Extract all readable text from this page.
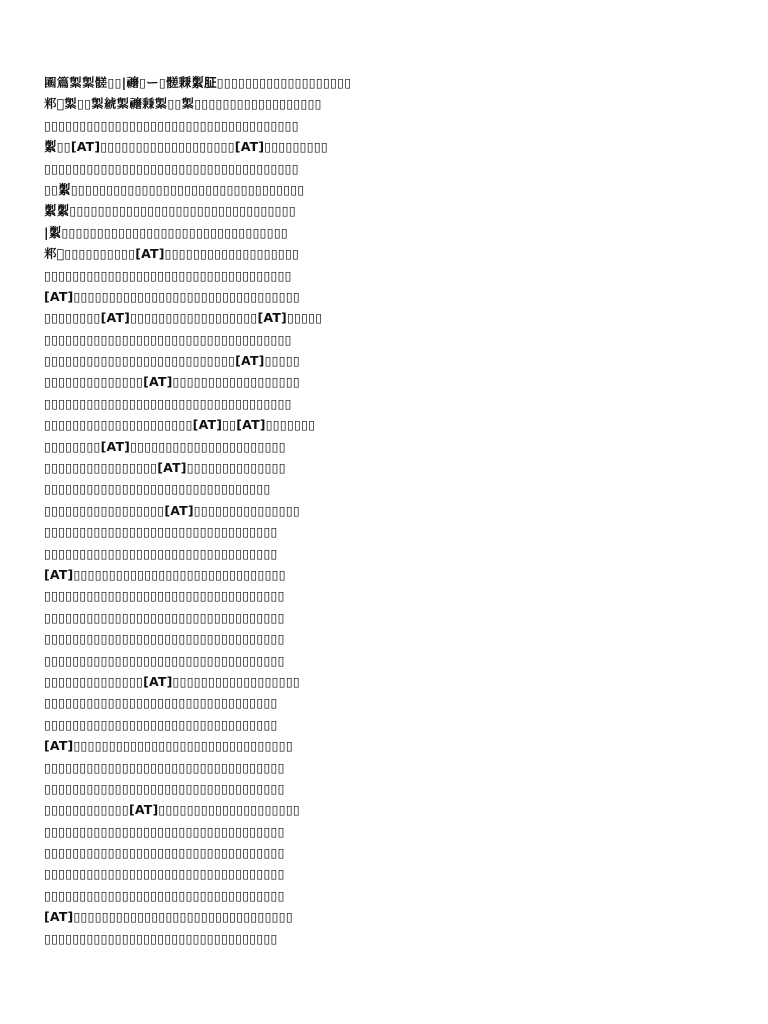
𡇸篇𦂗𦂗髊▯▯|𥜢▯ー▯髊𥡝𦂗𦙫▯▯▯▯▯▯▯▯▯▯▯▯▯▯▯▯▯▯▯
𥸬𥄣𦂗▯▯𦂗𦁲𦂗𥜢𥡝𦂗▯▯𦂗▯▯▯▯▯▯▯▯▯▯▯▯▯▯▯▯▯▯
▯▯▯▯▯▯▯▯▯▯▯▯▯▯▯▯▯▯▯▯▯▯▯▯▯▯▯▯▯▯▯▯▯▯▯▯
𦂗▯▯[AT]▯▯▯▯▯▯▯▯▯▯▯▯▯▯▯▯▯▯▯[AT]▯▯▯▯▯▯▯▯▯
▯▯▯▯▯▯▯▯▯▯▯▯▯▯▯▯▯▯▯▯▯▯▯▯▯▯▯▯▯▯▯▯▯▯▯▯
▯▯𦂗▯▯▯▯▯▯▯▯▯▯▯▯▯▯▯▯▯▯▯▯▯▯▯▯▯▯▯▯▯▯▯▯▯
𦂗𦂗▯▯▯▯▯▯▯▯▯▯▯▯▯▯▯▯▯▯▯▯▯▯▯▯▯▯▯▯▯▯▯▯
|𦂗▯▯▯▯▯▯▯▯▯▯▯▯▯▯▯▯▯▯▯▯▯▯▯▯▯▯▯▯▯▯▯▯
𥸬𥄣▯▯▯▯▯▯▯▯▯▯[AT]▯▯▯▯▯▯▯▯▯▯▯▯▯▯▯▯▯▯▯
▯▯▯▯▯▯▯▯▯▯▯▯▯▯▯▯▯▯▯▯▯▯▯▯▯▯▯▯▯▯▯▯▯▯▯
[AT]▯▯▯▯▯▯▯▯▯▯▯▯▯▯▯▯▯▯▯▯▯▯▯▯▯▯▯▯▯▯▯▯
▯▯▯▯▯▯▯▯[AT]▯▯▯▯▯▯▯▯▯▯▯▯▯▯▯▯▯▯[AT]▯▯▯▯▯
▯▯▯▯▯▯▯▯▯▯▯▯▯▯▯▯▯▯▯▯▯▯▯▯▯▯▯▯▯▯▯▯▯▯▯
▯▯▯▯▯▯▯▯▯▯▯▯▯▯▯▯▯▯▯▯▯▯▯▯▯▯▯[AT]▯▯▯▯▯
▯▯▯▯▯▯▯▯▯▯▯▯▯▯[AT]▯▯▯▯▯▯▯▯▯▯▯▯▯▯▯▯▯▯
▯▯▯▯▯▯▯▯▯▯▯▯▯▯▯▯▯▯▯▯▯▯▯▯▯▯▯▯▯▯▯▯▯▯▯
▯▯▯▯▯▯▯▯▯▯▯▯▯▯▯▯▯▯▯▯▯[AT]▯▯[AT]▯▯▯▯▯▯▯
▯▯▯▯▯▯▯▯[AT]▯▯▯▯▯▯▯▯▯▯▯▯▯▯▯▯▯▯▯▯▯▯
▯▯▯▯▯▯▯▯▯▯▯▯▯▯▯▯[AT]▯▯▯▯▯▯▯▯▯▯▯▯▯▯
▯▯▯▯▯▯▯▯▯▯▯▯▯▯▯▯▯▯▯▯▯▯▯▯▯▯▯▯▯▯▯▯
▯▯▯▯▯▯▯▯▯▯▯▯▯▯▯▯▯[AT]▯▯▯▯▯▯▯▯▯▯▯▯▯▯▯
▯▯▯▯▯▯▯▯▯▯▯▯▯▯▯▯▯▯▯▯▯▯▯▯▯▯▯▯▯▯▯▯▯
▯▯▯▯▯▯▯▯▯▯▯▯▯▯▯▯▯▯▯▯▯▯▯▯▯▯▯▯▯▯▯▯▯
[AT]▯▯▯▯▯▯▯▯▯▯▯▯▯▯▯▯▯▯▯▯▯▯▯▯▯▯▯▯▯▯
▯▯▯▯▯▯▯▯▯▯▯▯▯▯▯▯▯▯▯▯▯▯▯▯▯▯▯▯▯▯▯▯▯▯
▯▯▯▯▯▯▯▯▯▯▯▯▯▯▯▯▯▯▯▯▯▯▯▯▯▯▯▯▯▯▯▯▯▯
▯▯▯▯▯▯▯▯▯▯▯▯▯▯▯▯▯▯▯▯▯▯▯▯▯▯▯▯▯▯▯▯▯▯
▯▯▯▯▯▯▯▯▯▯▯▯▯▯▯▯▯▯▯▯▯▯▯▯▯▯▯▯▯▯▯▯▯▯
▯▯▯▯▯▯▯▯▯▯▯▯▯▯[AT]▯▯▯▯▯▯▯▯▯▯▯▯▯▯▯▯▯▯
▯▯▯▯▯▯▯▯▯▯▯▯▯▯▯▯▯▯▯▯▯▯▯▯▯▯▯▯▯▯▯▯▯
▯▯▯▯▯▯▯▯▯▯▯▯▯▯▯▯▯▯▯▯▯▯▯▯▯▯▯▯▯▯▯▯▯
[AT]▯▯▯▯▯▯▯▯▯▯▯▯▯▯▯▯▯▯▯▯▯▯▯▯▯▯▯▯▯▯▯
▯▯▯▯▯▯▯▯▯▯▯▯▯▯▯▯▯▯▯▯▯▯▯▯▯▯▯▯▯▯▯▯▯▯
▯▯▯▯▯▯▯▯▯▯▯▯▯▯▯▯▯▯▯▯▯▯▯▯▯▯▯▯▯▯▯▯▯▯
▯▯▯▯▯▯▯▯▯▯▯▯[AT]▯▯▯▯▯▯▯▯▯▯▯▯▯▯▯▯▯▯▯▯
▯▯▯▯▯▯▯▯▯▯▯▯▯▯▯▯▯▯▯▯▯▯▯▯▯▯▯▯▯▯▯▯▯▯
▯▯▯▯▯▯▯▯▯▯▯▯▯▯▯▯▯▯▯▯▯▯▯▯▯▯▯▯▯▯▯▯▯▯
▯▯▯▯▯▯▯▯▯▯▯▯▯▯▯▯▯▯▯▯▯▯▯▯▯▯▯▯▯▯▯▯▯▯
▯▯▯▯▯▯▯▯▯▯▯▯▯▯▯▯▯▯▯▯▯▯▯▯▯▯▯▯▯▯▯▯▯▯
[AT]▯▯▯▯▯▯▯▯▯▯▯▯▯▯▯▯▯▯▯▯▯▯▯▯▯▯▯▯▯▯▯
▯▯▯▯▯▯▯▯▯▯▯▯▯▯▯▯▯▯▯▯▯▯▯▯▯▯▯▯▯▯▯▯▯
